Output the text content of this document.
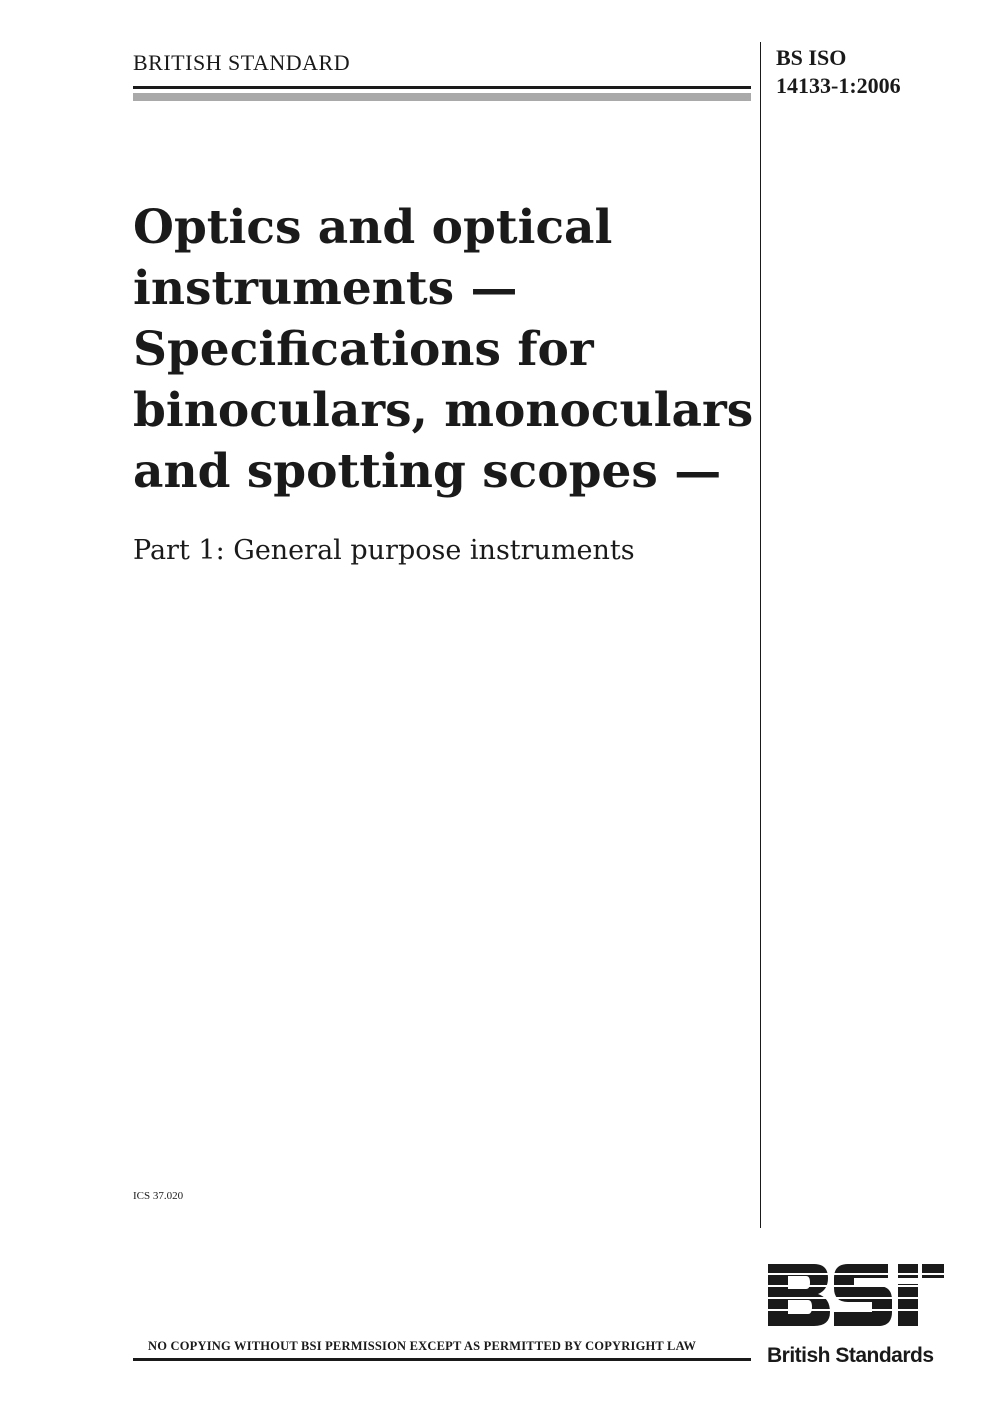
BRITISH STANDARD	BS ISO
14133-1:2006
Optics and optical
instruments —
Specifications for
binoculars, monoculars
and spotting scopes —
Part 1: General purpose instruments
ICS 37.020
NO COPYING WITHOUT BSI PERMISSION EXCEPT AS PERMITTED BY COPYRIGHT LAW	British Standards
